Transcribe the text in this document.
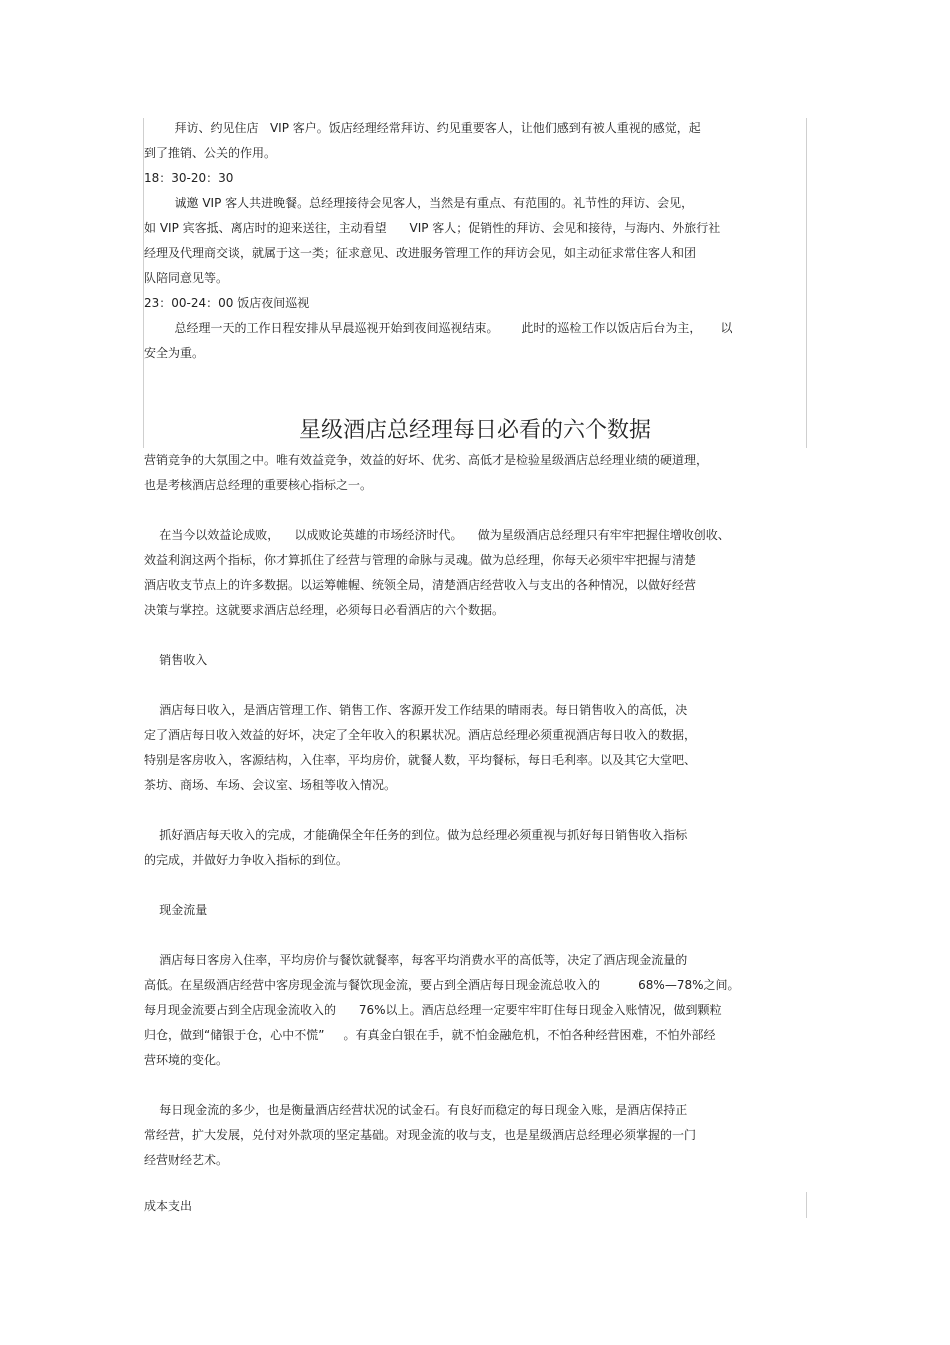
拜访、约见住店   VIP 客户。饭店经理经常拜访、约见重要客人，让他们感到有被人重视的感觉，起
到了推销、公关的作用。
18：30-20：30
诚邀 VIP 客人共进晚餐。总经理接待会见客人，当然是有重点、有范围的。礼节性的拜访、会见，
如 VIP 宾客抵、离店时的迎来送往，主动看望      VIP 客人；促销性的拜访、会见和接待，与海内、外旅行社
经理及代理商交谈，就属于这一类；征求意见、改进服务管理工作的拜访会见，如主动征求常住客人和团
队陪同意见等。
23：00-24：00 饭店夜间巡视
总经理一天的工作日程安排从早晨巡视开始到夜间巡视结束。      此时的巡检工作以饭店后台为主，     以
安全为重。
星级酒店总经理每日必看的六个数据
营销竞争的大氛围之中。唯有效益竞争，效益的好坏、优劣、高低才是检验星级酒店总经理业绩的硬道理，
也是考核酒店总经理的重要核心指标之一。
在当今以效益论成败，    以成败论英雄的市场经济时代。    做为星级酒店总经理只有牢牢把握住增收创收、
效益利润这两个指标，你才算抓住了经营与管理的命脉与灵魂。做为总经理，你每天必须牢牢把握与清楚
酒店收支节点上的许多数据。以运筹帷幄、统领全局，清楚酒店经营收入与支出的各种情况，以做好经营
决策与掌控。这就要求酒店总经理，必须每日必看酒店的六个数据。
销售收入
酒店每日收入，是酒店管理工作、销售工作、客源开发工作结果的晴雨表。每日销售收入的高低，决
定了酒店每日收入效益的好坏，决定了全年收入的积累状况。酒店总经理必须重视酒店每日收入的数据，
特别是客房收入，客源结构，入住率，平均房价，就餐人数，平均餐标，每日毛利率。以及其它大堂吧、
茶坊、商场、车场、会议室、场租等收入情况。
抓好酒店每天收入的完成，才能确保全年任务的到位。做为总经理必须重视与抓好每日销售收入指标
的完成，并做好力争收入指标的到位。
现金流量
酒店每日客房入住率，平均房价与餐饮就餐率，每客平均消费水平的高低等，决定了酒店现金流量的
高低。在星级酒店经营中客房现金流与餐饮现金流，要占到全酒店每日现金流总收入的          68%—78%之间。
每月现金流要占到全店现金流收入的      76%以上。酒店总经理一定要牢牢盯住每日现金入账情况，做到颗粒
归仓，做到“储银于仓，心中不慌”     。有真金白银在手，就不怕金融危机，不怕各种经营困难，不怕外部经
营环境的变化。
每日现金流的多少，也是衡量酒店经营状况的试金石。有良好而稳定的每日现金入账，是酒店保持正
常经营，扩大发展，兑付对外款项的坚定基础。对现金流的收与支，也是星级酒店总经理必须掌握的一门
经营财经艺术。
成本支出
